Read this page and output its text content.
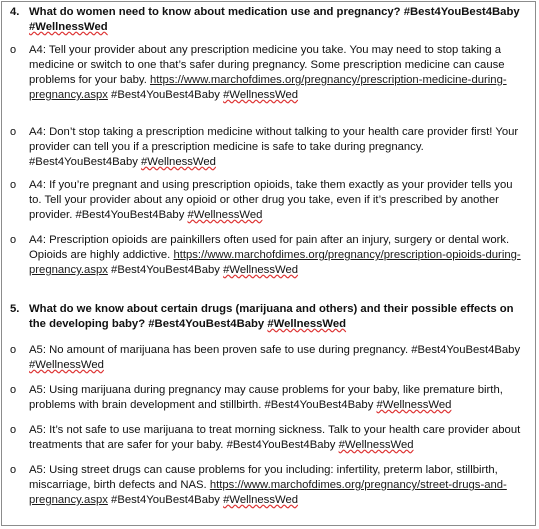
4. What do women need to know about medication use and pregnancy? #Best4YouBest4Baby #WellnessWed
o A4: Tell your provider about any prescription medicine you take. You may need to stop taking a medicine or switch to one that’s safer during pregnancy. Some prescription medicine can cause problems for your baby. https://www.marchofdimes.org/pregnancy/prescription-medicine-during-pregnancy.aspx #Best4YouBest4Baby #WellnessWed
o A4: Don’t stop taking a prescription medicine without talking to your health care provider first! Your provider can tell you if a prescription medicine is safe to take during pregnancy. #Best4YouBest4Baby #WellnessWed
o A4: If you’re pregnant and using prescription opioids, take them exactly as your provider tells you to. Tell your provider about any opioid or other drug you take, even if it’s prescribed by another provider. #Best4YouBest4Baby #WellnessWed
o A4: Prescription opioids are painkillers often used for pain after an injury, surgery or dental work. Opioids are highly addictive. https://www.marchofdimes.org/pregnancy/prescription-opioids-during-pregnancy.aspx #Best4YouBest4Baby #WellnessWed
5. What do we know about certain drugs (marijuana and others) and their possible effects on the developing baby? #Best4YouBest4Baby #WellnessWed
o A5: No amount of marijuana has been proven safe to use during pregnancy. #Best4YouBest4Baby #WellnessWed
o A5: Using marijuana during pregnancy may cause problems for your baby, like premature birth, problems with brain development and stillbirth. #Best4YouBest4Baby #WellnessWed
o A5: It’s not safe to use marijuana to treat morning sickness. Talk to your health care provider about treatments that are safer for your baby. #Best4YouBest4Baby #WellnessWed
o A5: Using street drugs can cause problems for you including: infertility, preterm labor, stillbirth, miscarriage, birth defects and NAS. https://www.marchofdimes.org/pregnancy/street-drugs-and-pregnancy.aspx #Best4YouBest4Baby #WellnessWed
